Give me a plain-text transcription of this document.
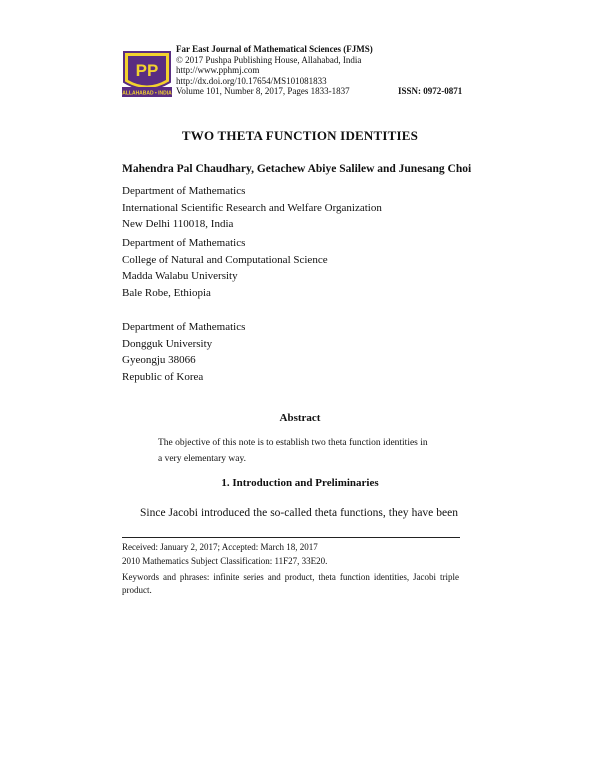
PP
ALLAHABAD • INDIA
Far East Journal of Mathematical Sciences (FJMS)
© 2017 Pushpa Publishing House, Allahabad, India
http://www.pphmj.com
http://dx.doi.org/10.17654/MS101081833
Volume 101, Number 8, 2017, Pages 1833-1837	ISSN: 0972-0871
TWO THETA FUNCTION IDENTITIES
Mahendra Pal Chaudhary, Getachew Abiye Salilew and Junesang Choi
Department of Mathematics
International Scientific Research and Welfare Organization
New Delhi 110018, India
Department of Mathematics
College of Natural and Computational Science
Madda Walabu University
Bale Robe, Ethiopia
Department of Mathematics
Dongguk University
Gyeongju 38066
Republic of Korea
Abstract
The objective of this note is to establish two theta function identities in
a very elementary way.
1. Introduction and Preliminaries
Since Jacobi introduced the so-called theta functions, they have been
Received: January 2, 2017; Accepted: March 18, 2017
2010 Mathematics Subject Classification: 11F27, 33E20.
Keywords and phrases: infinite series and product, theta function identities, Jacobi triple product.
